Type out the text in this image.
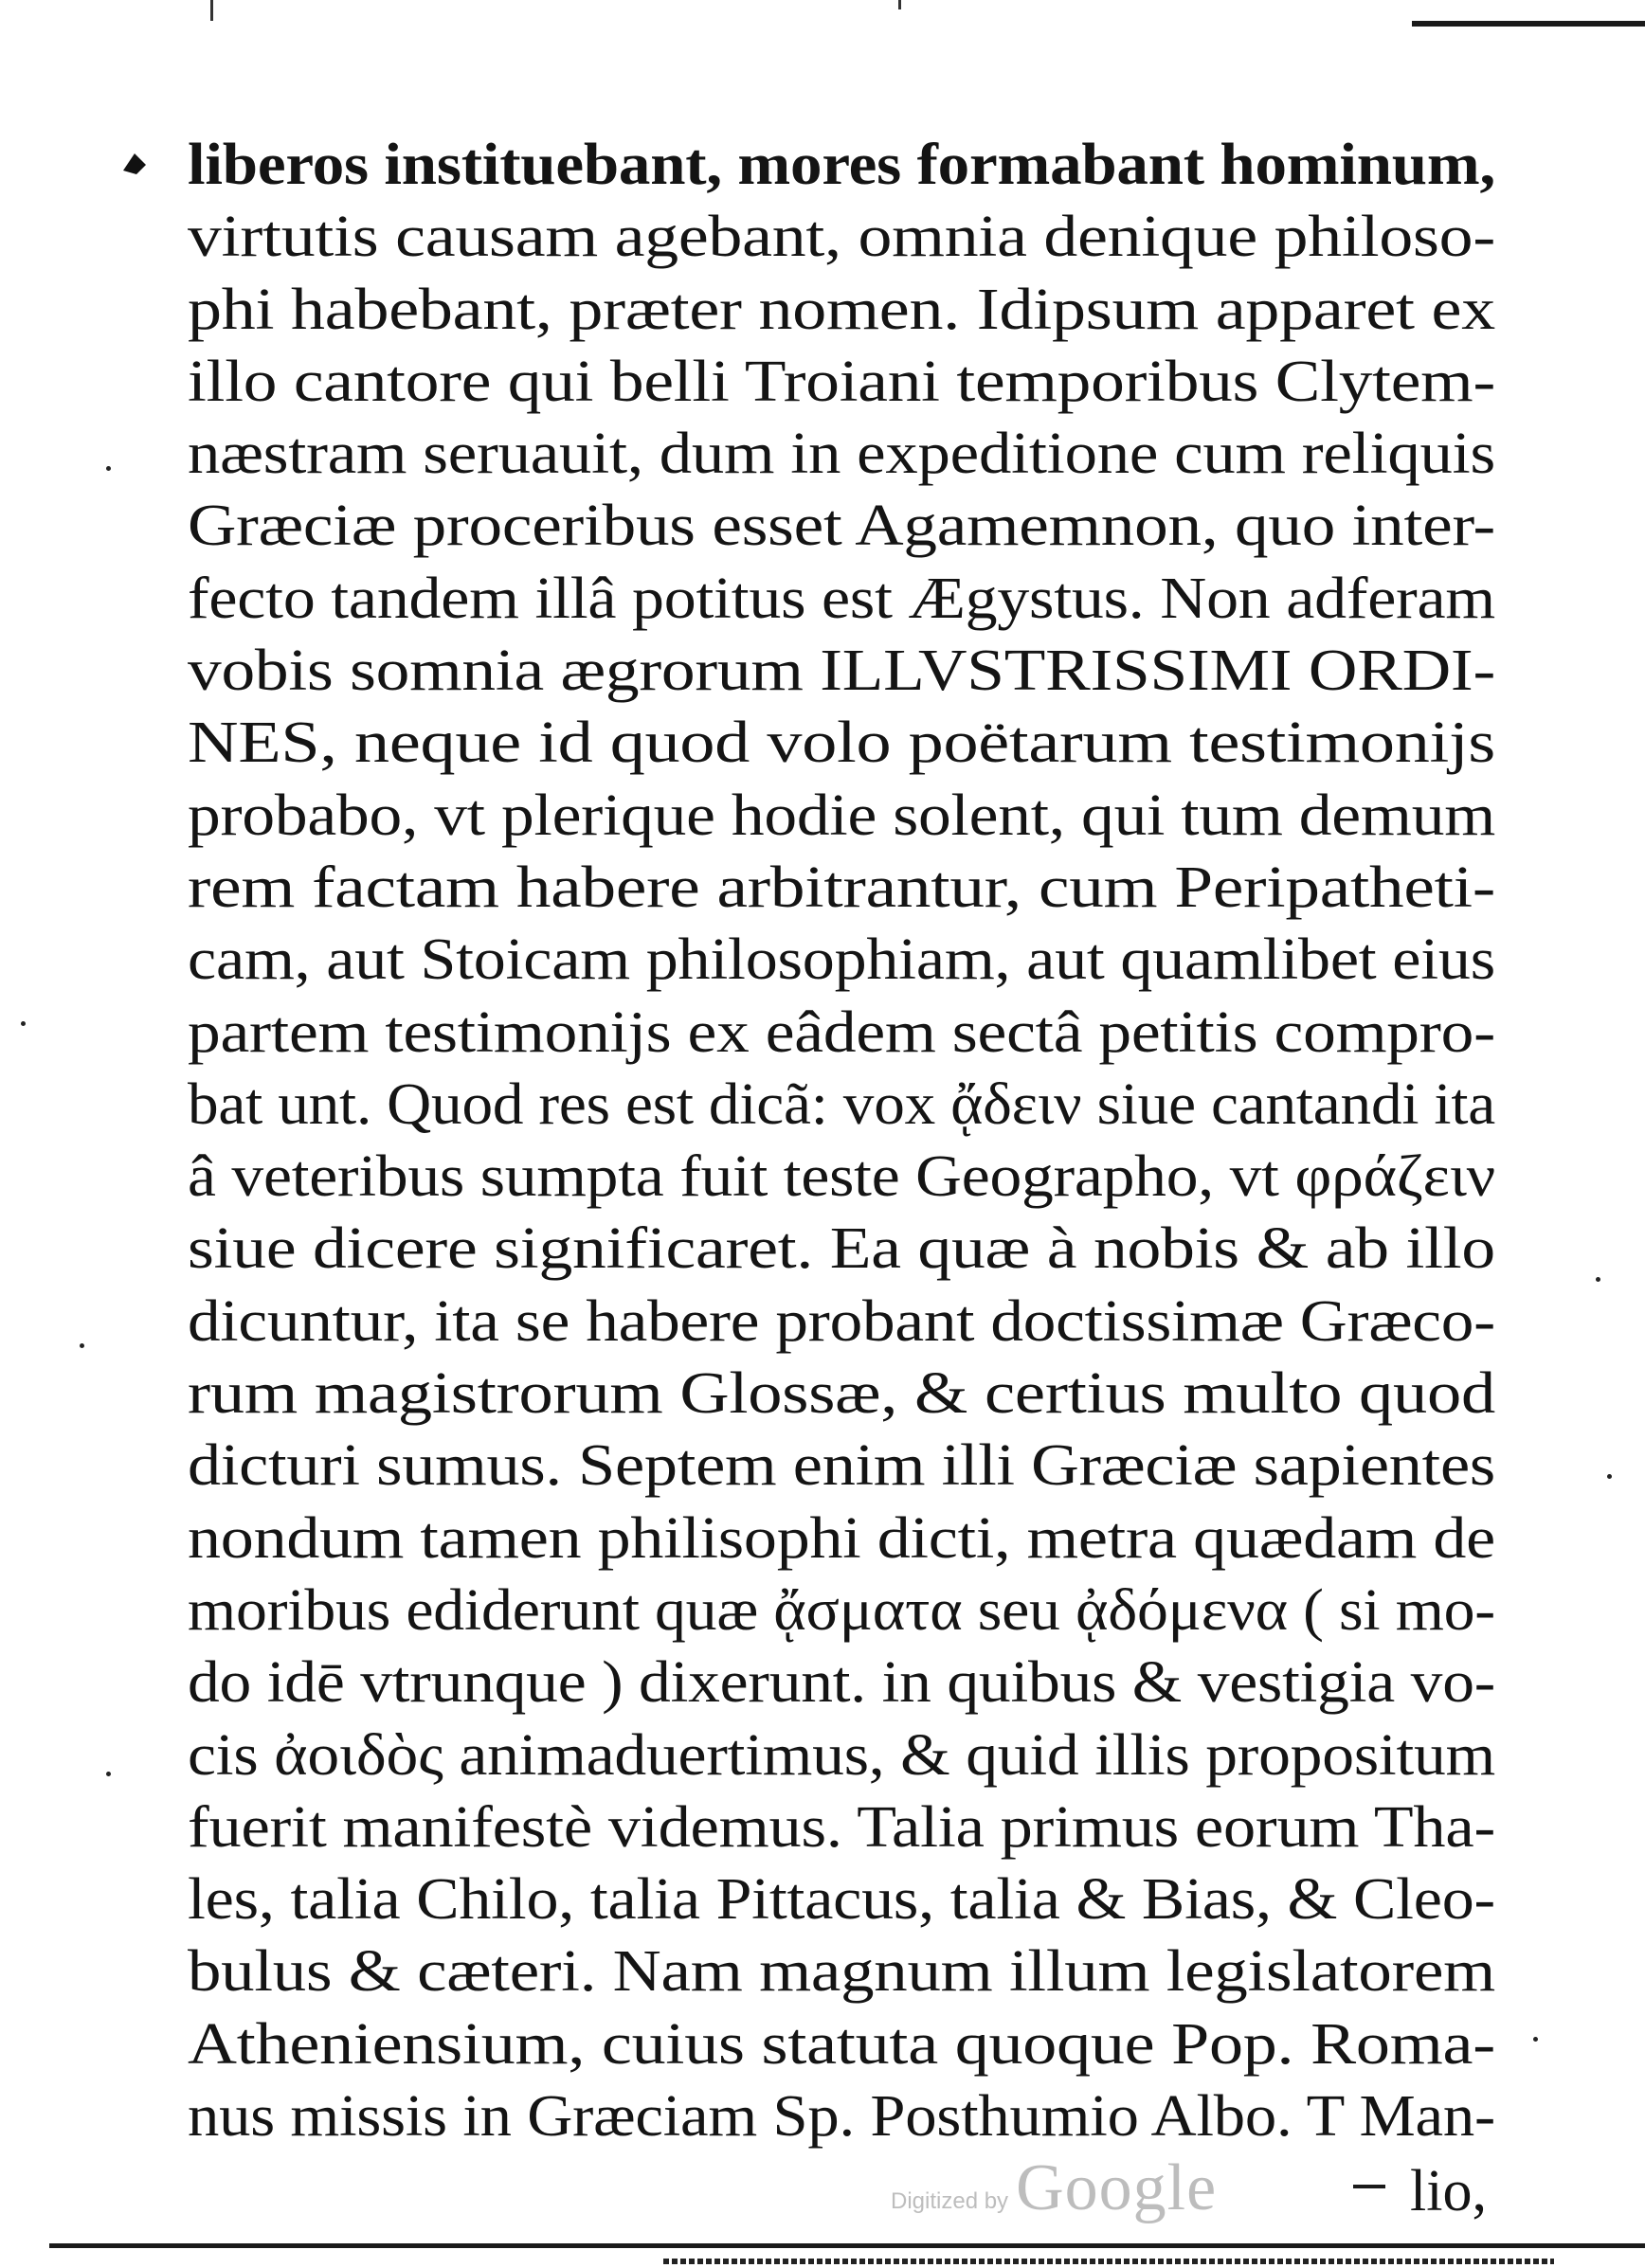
liberos instituebant, mores formabant hominum,
virtutis causam agebant, omnia denique philoso-
phi habebant, præter nomen. Idipsum apparet ex
illo cantore qui belli Troiani temporibus Clytem-
næstram seruauit, dum in expeditione cum reliquis
Græciæ proceribus esset Agamemnon, quo inter-
fecto tandem illâ potitus est Ægystus. Non adferam
vobis somnia ægrorum ILLVSTRISSIMI ORDI-
NES, neque id quod volo poëtarum testimonijs
probabo, vt plerique hodie solent, qui tum demum
rem factam habere arbitrantur, cum Peripatheti-
cam, aut Stoicam philosophiam, aut quamlibet eius
partem testimonijs ex eâdem sectâ petitis compro-
bat unt. Quod res est dicã: vox ᾄδειν siue cantandi ita
â veteribus sumpta fuit teste Geographo, vt φράζειν
siue dicere significaret. Ea quæ à nobis & ab illo
dicuntur, ita se habere probant doctissimæ Græco-
rum magistrorum Glossæ, & certius multo quod
dicturi sumus. Septem enim illi Græciæ sapientes
nondum tamen philisophi dicti, metra quædam de
moribus ediderunt quæ ᾄσματα seu ᾀδόμενα ( si mo-
do idē vtrunque ) dixerunt. in quibus & vestigia vo-
cis ἀοιδὸς animaduertimus, & quid illis propositum
fuerit manifestè videmus. Talia primus eorum Tha-
les, talia Chilo, talia Pittacus, talia & Bias, & Cleo-
bulus & cæteri. Nam magnum illum legislatorem
Atheniensium, cuius statuta quoque Pop. Roma-
nus missis in Græciam Sp. Posthumio Albo. T Man-
Digitized by Google	lio,
